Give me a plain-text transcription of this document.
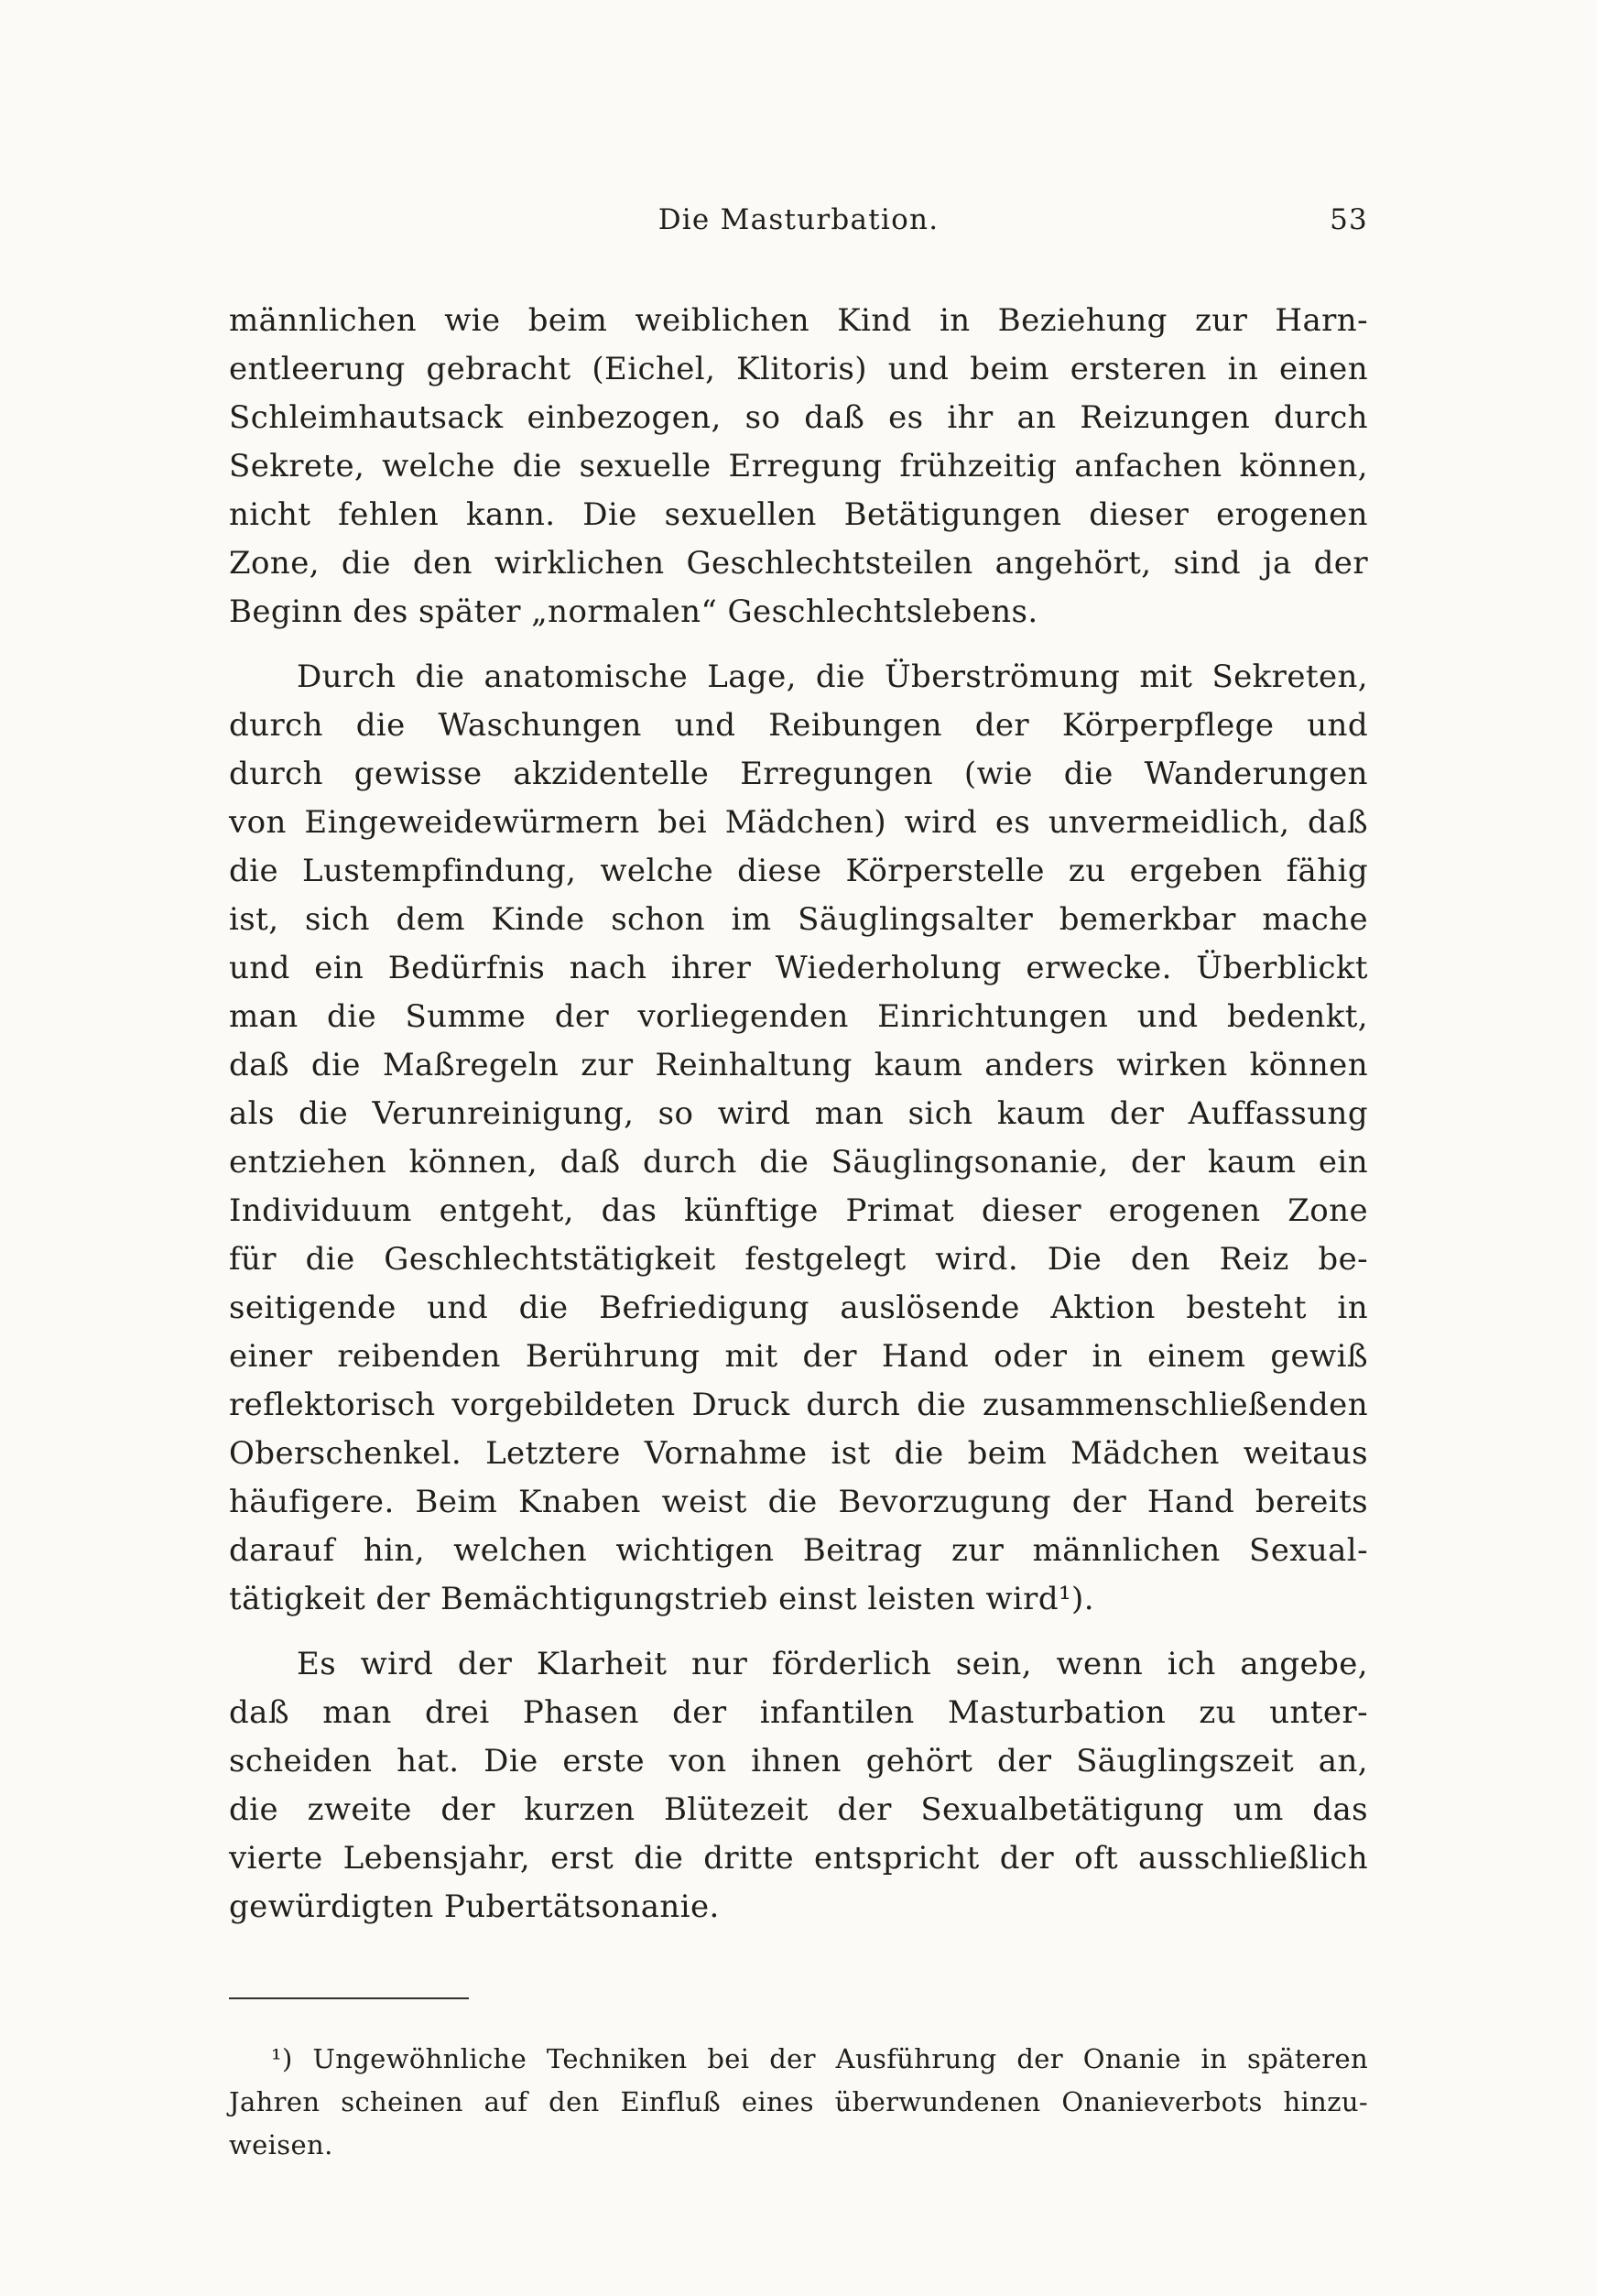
Die Masturbation.	53
männlichen wie beim weiblichen Kind in Beziehung zur Harn-
entleerung gebracht (Eichel, Klitoris) und beim ersteren in einen
Schleimhautsack einbezogen, so daß es ihr an Reizungen durch
Sekrete, welche die sexuelle Erregung frühzeitig anfachen können,
nicht fehlen kann. Die sexuellen Betätigungen dieser erogenen
Zone, die den wirklichen Geschlechtsteilen angehört, sind ja der
Beginn des später „normalen“ Geschlechtslebens.
Durch die anatomische Lage, die Überströmung mit Sekreten,
durch die Waschungen und Reibungen der Körperpflege und
durch gewisse akzidentelle Erregungen (wie die Wanderungen
von Eingeweidewürmern bei Mädchen) wird es unvermeidlich, daß
die Lustempfindung, welche diese Körperstelle zu ergeben fähig
ist, sich dem Kinde schon im Säuglingsalter bemerkbar mache
und ein Bedürfnis nach ihrer Wiederholung erwecke. Überblickt
man die Summe der vorliegenden Einrichtungen und bedenkt,
daß die Maßregeln zur Reinhaltung kaum anders wirken können
als die Verunreinigung, so wird man sich kaum der Auffassung
entziehen können, daß durch die Säuglingsonanie, der kaum ein
Individuum entgeht, das künftige Primat dieser erogenen Zone
für die Geschlechtstätigkeit festgelegt wird. Die den Reiz be-
seitigende und die Befriedigung auslösende Aktion besteht in
einer reibenden Berührung mit der Hand oder in einem gewiß
reflektorisch vorgebildeten Druck durch die zusammenschließenden
Oberschenkel. Letztere Vornahme ist die beim Mädchen weitaus
häufigere. Beim Knaben weist die Bevorzugung der Hand bereits
darauf hin, welchen wichtigen Beitrag zur männlichen Sexual-
tätigkeit der Bemächtigungstrieb einst leisten wird¹).
Es wird der Klarheit nur förderlich sein, wenn ich angebe,
daß man drei Phasen der infantilen Masturbation zu unter-
scheiden hat. Die erste von ihnen gehört der Säuglingszeit an,
die zweite der kurzen Blütezeit der Sexualbetätigung um das
vierte Lebensjahr, erst die dritte entspricht der oft ausschließlich
gewürdigten Pubertätsonanie.
¹) Ungewöhnliche Techniken bei der Ausführung der Onanie in späteren
Jahren scheinen auf den Einfluß eines überwundenen Onanieverbots hinzu-
weisen.
